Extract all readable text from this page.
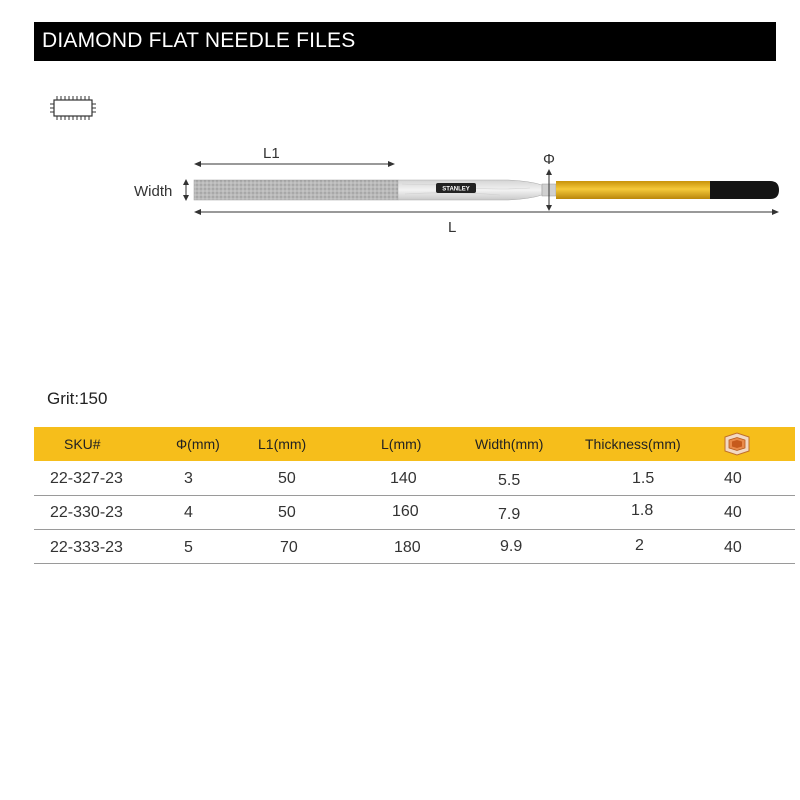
DIAMOND FLAT NEEDLE FILES
L1
Width	STANLEY
Φ
L
Grit:150
SKU#	Φ(mm)	L1(mm)	L(mm)	Width(mm)	Thickness(mm)
22-327-23	3	50	140	5.5	1.5	40
22-330-23	4	50	160	7.9	1.8	40
22-333-23	5	70	180	9.9	2	40
